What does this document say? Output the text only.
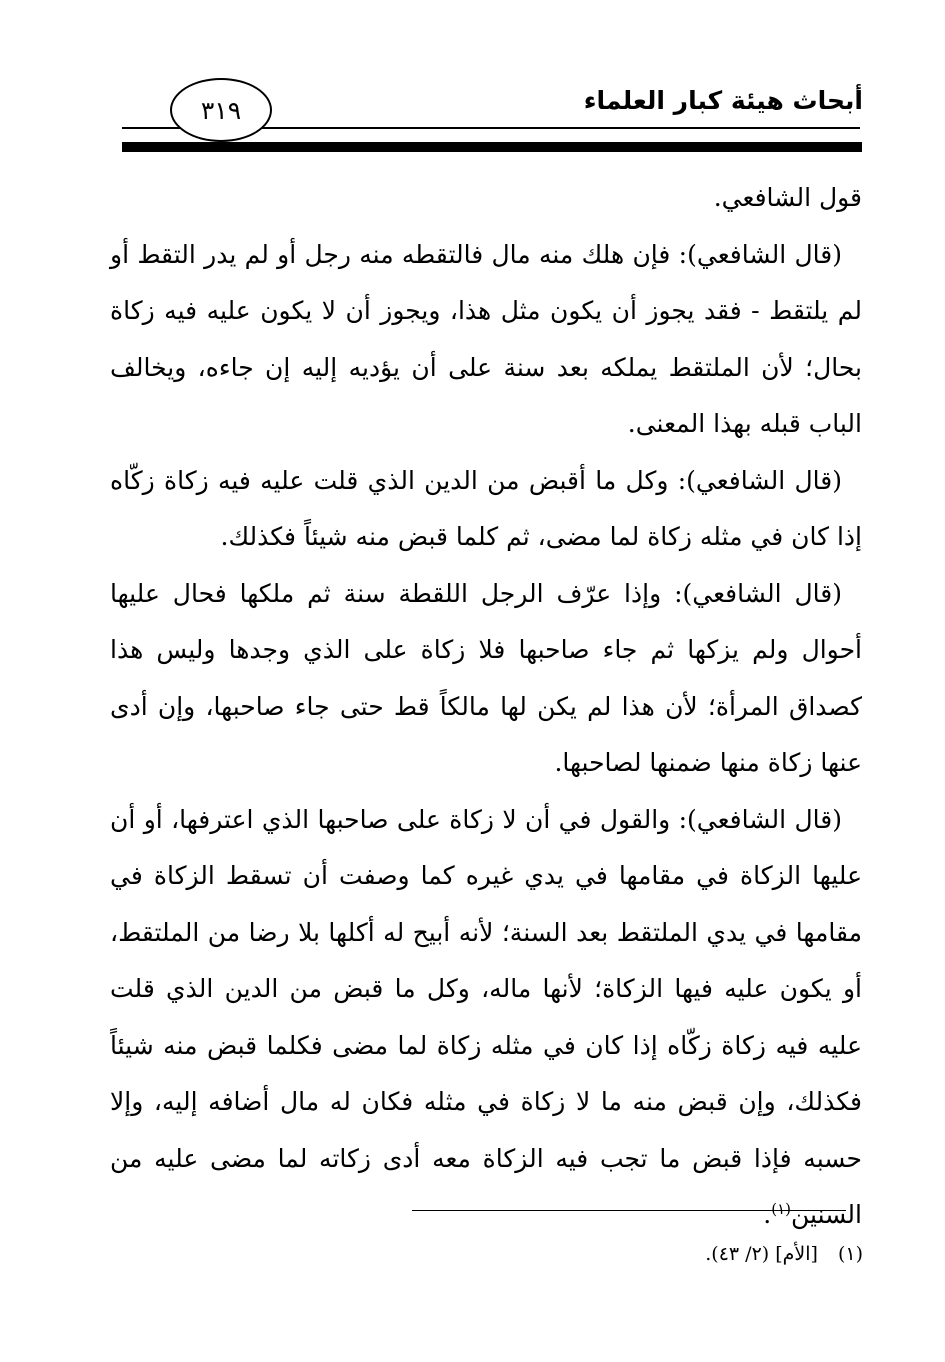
أبحاث هيئة كبار العلماء
٣١٩

قول الشافعي.

(قال الشافعي): فإن هلك منه مال فالتقطه منه رجل أو لم يدر التقط أو لم يلتقط - فقد يجوز أن يكون مثل هذا، ويجوز أن لا يكون عليه فيه زكاة بحال؛ لأن الملتقط يملكه بعد سنة على أن يؤديه إليه إن جاءه، ويخالف الباب قبله بهذا المعنى.

(قال الشافعي): وكل ما أقبض من الدين الذي قلت عليه فيه زكاة زكّاه إذا كان في مثله زكاة لما مضى، ثم كلما قبض منه شيئاً فكذلك.

(قال الشافعي): وإذا عرّف الرجل اللقطة سنة ثم ملكها فحال عليها أحوال ولم يزكها ثم جاء صاحبها فلا زكاة على الذي وجدها وليس هذا كصداق المرأة؛ لأن هذا لم يكن لها مالكاً قط حتى جاء صاحبها، وإن أدى عنها زكاة منها ضمنها لصاحبها.

(قال الشافعي): والقول في أن لا زكاة على صاحبها الذي اعترفها، أو أن عليها الزكاة في مقامها في يدي غيره كما وصفت أن تسقط الزكاة في مقامها في يدي الملتقط بعد السنة؛ لأنه أبيح له أكلها بلا رضا من الملتقط، أو يكون عليه فيها الزكاة؛ لأنها ماله، وكل ما قبض من الدين الذي قلت عليه فيه زكاة زكّاه إذا كان في مثله زكاة لما مضى فكلما قبض منه شيئاً فكذلك، وإن قبض منه ما لا زكاة في مثله فكان له مال أضافه إليه، وإلا حسبه فإذا قبض ما تجب فيه الزكاة معه أدى زكاته لما مضى عليه من السنين$^{(١)}$.

(١)[الأم] (٢/ ٤٣).
